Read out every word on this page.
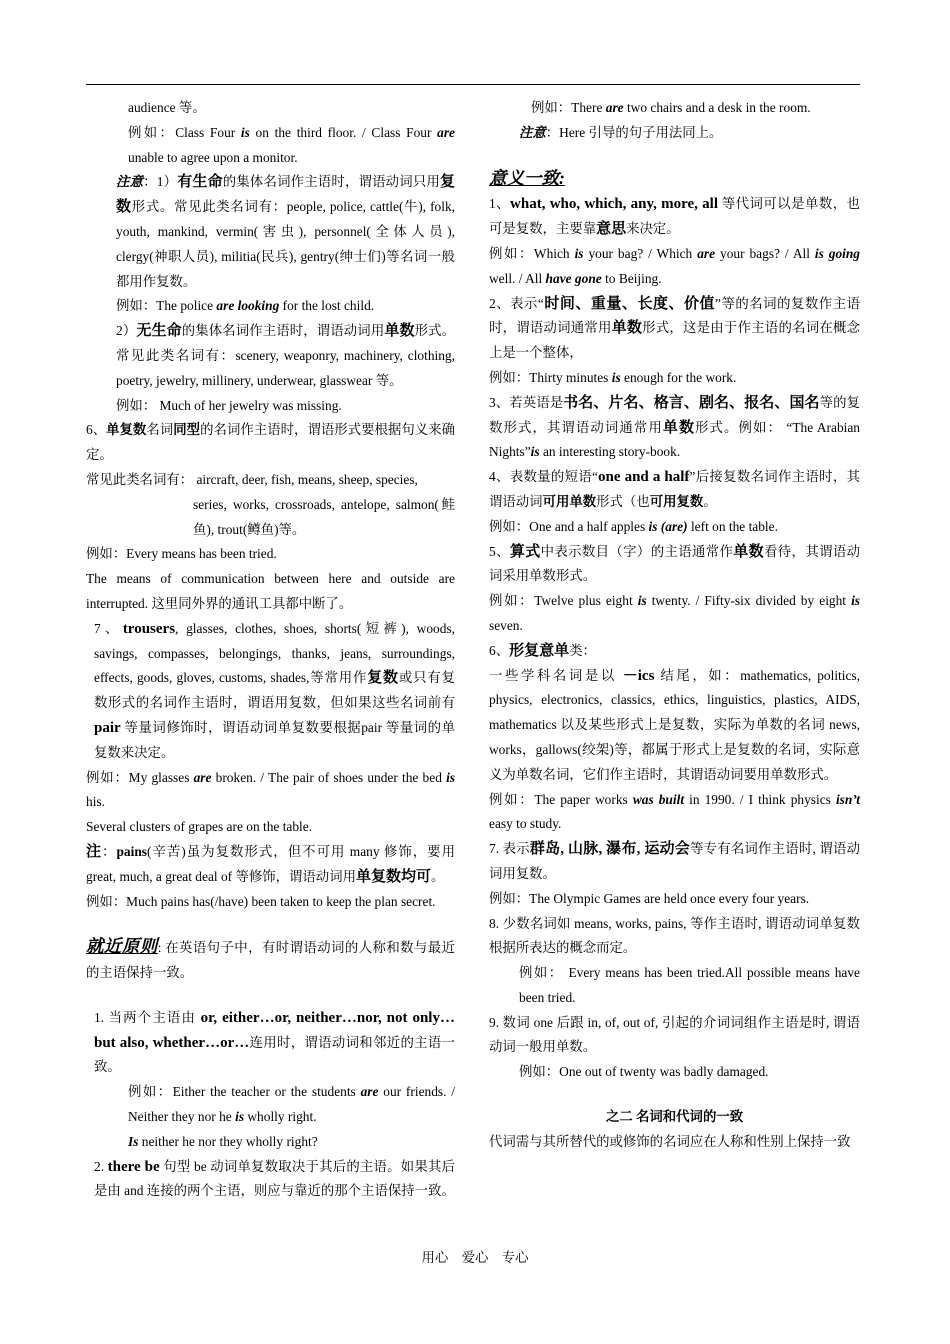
audience 等。

例如：Class Four is on the third floor. / Class Four are unable to agree upon a monitor.

注意：1）有生命的集体名词作主语时，谓语动词只用复数形式。常见此类名词有：people, police, cattle(牛), folk, youth, mankind, vermin(害虫), personnel(全体人员), clergy(神职人员), militia(民兵), gentry(绅士们)等名词一般都用作复数。

例如：The police are looking for the lost child.

2）无生命的集体名词作主语时，谓语动词用单数形式。常见此类名词有：scenery, weaponry, machinery, clothing, poetry, jewelry, millinery, underwear, glasswear 等。

例如： Much of her jewelry was missing.

6、单复数名词同型的名词作主语时，谓语形式要根据句义来确定。

常见此类名词有： aircraft, deer, fish, means, sheep, species,

series, works, crossroads, antelope, salmon(鲑鱼), trout(鳟鱼)等。

例如：Every means has been tried.

The means of communication between here and outside are interrupted. 这里同外界的通讯工具都中断了。

7、trousers, glasses, clothes, shoes, shorts(短裤), woods, savings, compasses, belongings, thanks, jeans, surroundings, effects, goods, gloves, customs, shades,等常用作复数或只有复数形式的名词作主语时，谓语用复数，但如果这些名词前有pair 等量词修饰时，谓语动词单复数要根据pair 等量词的单复数来决定。

例如：My glasses are broken. / The pair of shoes under the bed is his.

Several clusters of grapes are on the table.

注：pains(辛苦)虽为复数形式，但不可用 many 修饰，要用great, much, a great deal of 等修饰，谓语动词用单复数均可。

例如：Much pains has(/have) been taken to keep the plan secret.

就近原则: 在英语句子中，有时谓语动词的人称和数与最近的主语保持一致。

1. 当两个主语由 or, either…or, neither…nor, not only…but also, whether…or…连用时，谓语动词和邻近的主语一致。

例如：Either the teacher or the students are our friends. / Neither they nor he is wholly right.

Is neither he nor they wholly right?

2. there be 句型 be 动词单复数取决于其后的主语。如果其后是由 and 连接的两个主语，则应与靠近的那个主语保持一致。

例如：There are two chairs and a desk in the room.

注意：Here 引导的句子用法同上。

意义一致:

1、what, who, which, any, more, all 等代词可以是单数，也可是复数，主要靠意思来决定。

例如：Which is your bag? / Which are your bags? / All is going well. / All have gone to Beijing.

2、表示“时间、重量、长度、价值”等的名词的复数作主语时，谓语动词通常用单数形式，这是由于作主语的名词在概念上是一个整体，

例如：Thirty minutes is enough for the work.

3、若英语是书名、片名、格言、剧名、报名、国名等的复数形式，其谓语动词通常用单数形式。例如： “The Arabian Nights”is an interesting story-book.

4、表数量的短语“one and a half”后接复数名词作主语时，其谓语动词可用单数形式（也可用复数。

例如：One and a half apples is (are) left on the table.

5、算式中表示数目（字）的主语通常作单数看待，其谓语动词采用单数形式。

例如：Twelve plus eight is twenty. / Fifty-six divided by eight is seven.

6、形复意单类：

一些学科名词是以 －ics 结尾，如：mathematics, politics, physics, electronics, classics, ethics, linguistics, plastics, AIDS, mathematics 以及某些形式上是复数，实际为单数的名词 news, works，gallows(绞架)等，都属于形式上是复数的名词，实际意义为单数名词，它们作主语时，其谓语动词要用单数形式。

例如：The paper works was built in 1990. / I think physics isn’t easy to study.

7. 表示群岛, 山脉, 瀑布, 运动会等专有名词作主语时, 谓语动词用复数。

例如：The Olympic Games are held once every four years.

8. 少数名词如 means, works, pains, 等作主语时, 谓语动词单复数根据所表达的概念而定。

例如： Every means has been tried.All possible means have been tried.

9. 数词 one 后跟 in, of, out of, 引起的介词词组作主语是时, 谓语动词一般用单数。

例如：One out of twenty was badly damaged.

之二 名词和代词的一致

代词需与其所替代的或修饰的名词应在人称和性别上保持一致

用心　爱心　专心
